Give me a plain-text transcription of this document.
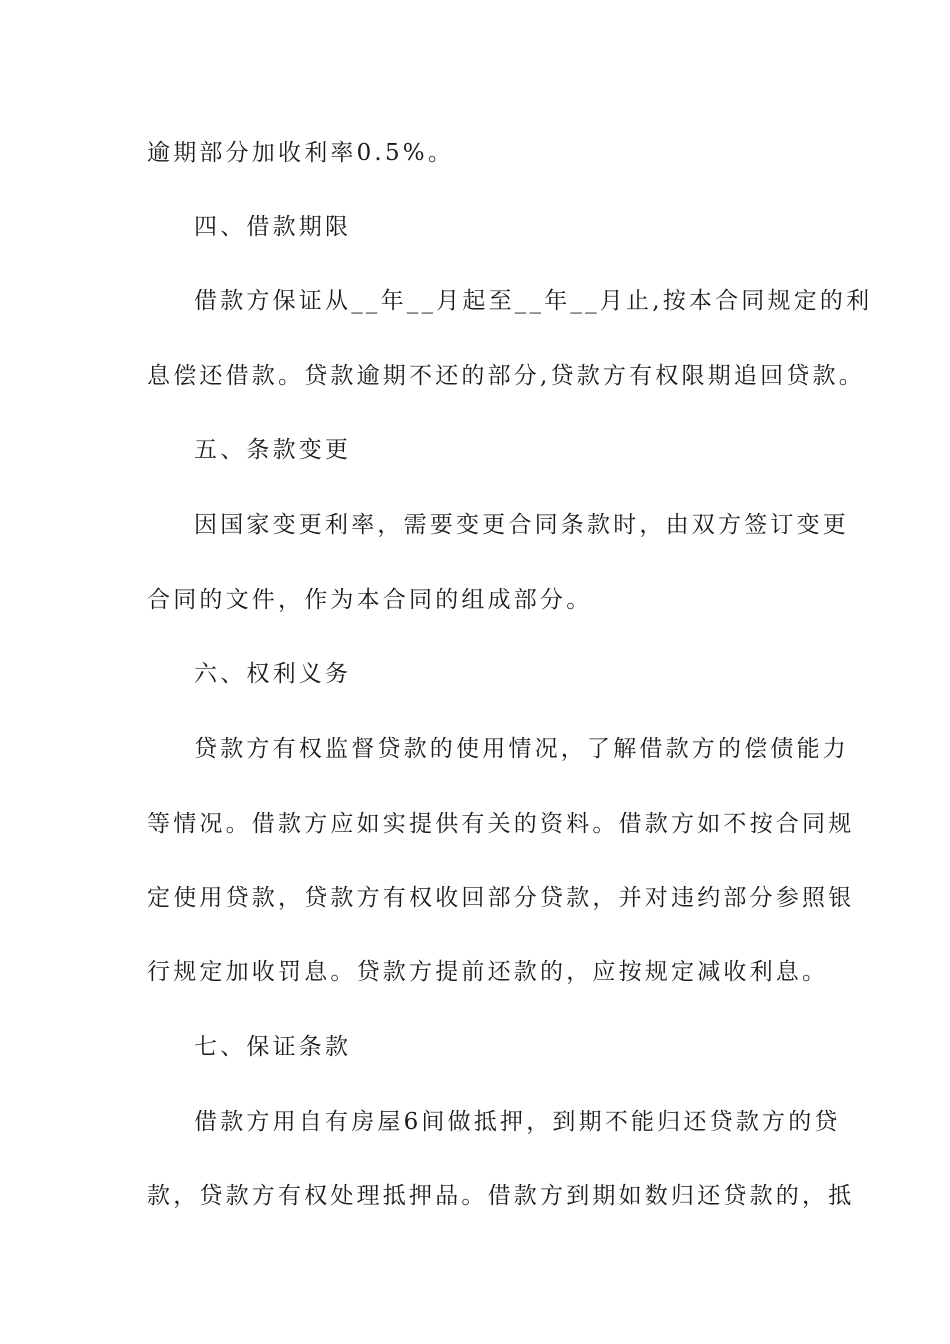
逾期部分加收利率0.5%。
四、借款期限
借款方保证从__年__月起至__年__月止,按本合同规定的利
息偿还借款。贷款逾期不还的部分,贷款方有权限期追回贷款。
五、条款变更
因国家变更利率，需要变更合同条款时，由双方签订变更
合同的文件，作为本合同的组成部分。
六、权利义务
贷款方有权监督贷款的使用情况，了解借款方的偿债能力
等情况。借款方应如实提供有关的资料。借款方如不按合同规
定使用贷款，贷款方有权收回部分贷款，并对违约部分参照银
行规定加收罚息。贷款方提前还款的，应按规定减收利息。
七、保证条款
借款方用自有房屋6间做抵押，到期不能归还贷款方的贷
款，贷款方有权处理抵押品。借款方到期如数归还贷款的，抵
